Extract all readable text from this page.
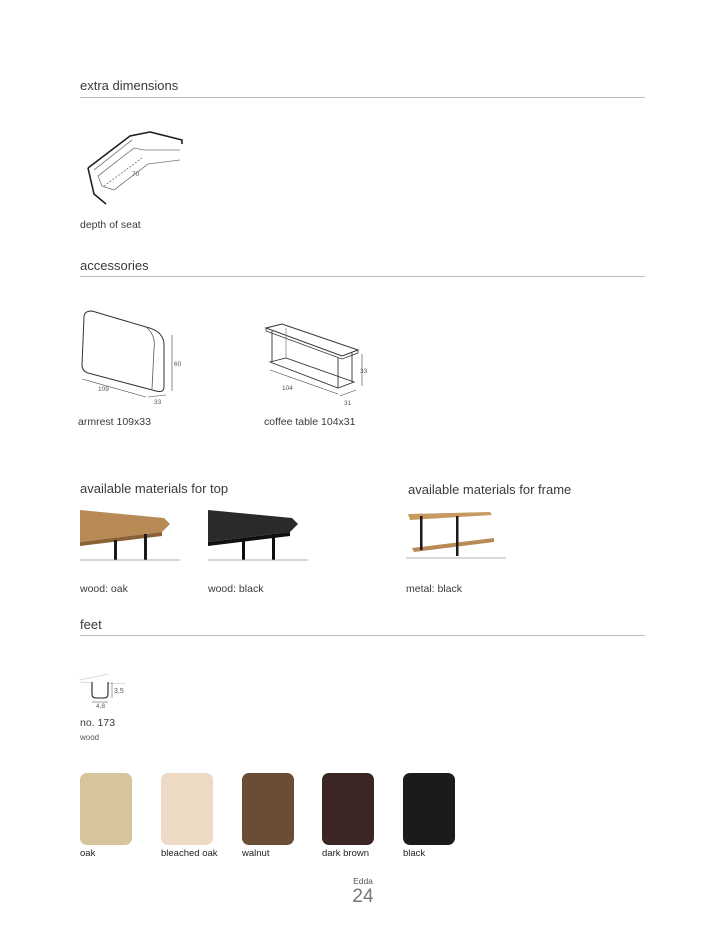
extra dimensions
70
depth of seat
accessories
60
109
33
armrest 109x33
33
104
31
coffee table 104x31
available materials for top	available materials for frame
wood: oak	wood: black	metal: black
feet
3,5
4,8
no. 173
wood
oak	bleached oak	walnut	dark brown	black
Edda
24
